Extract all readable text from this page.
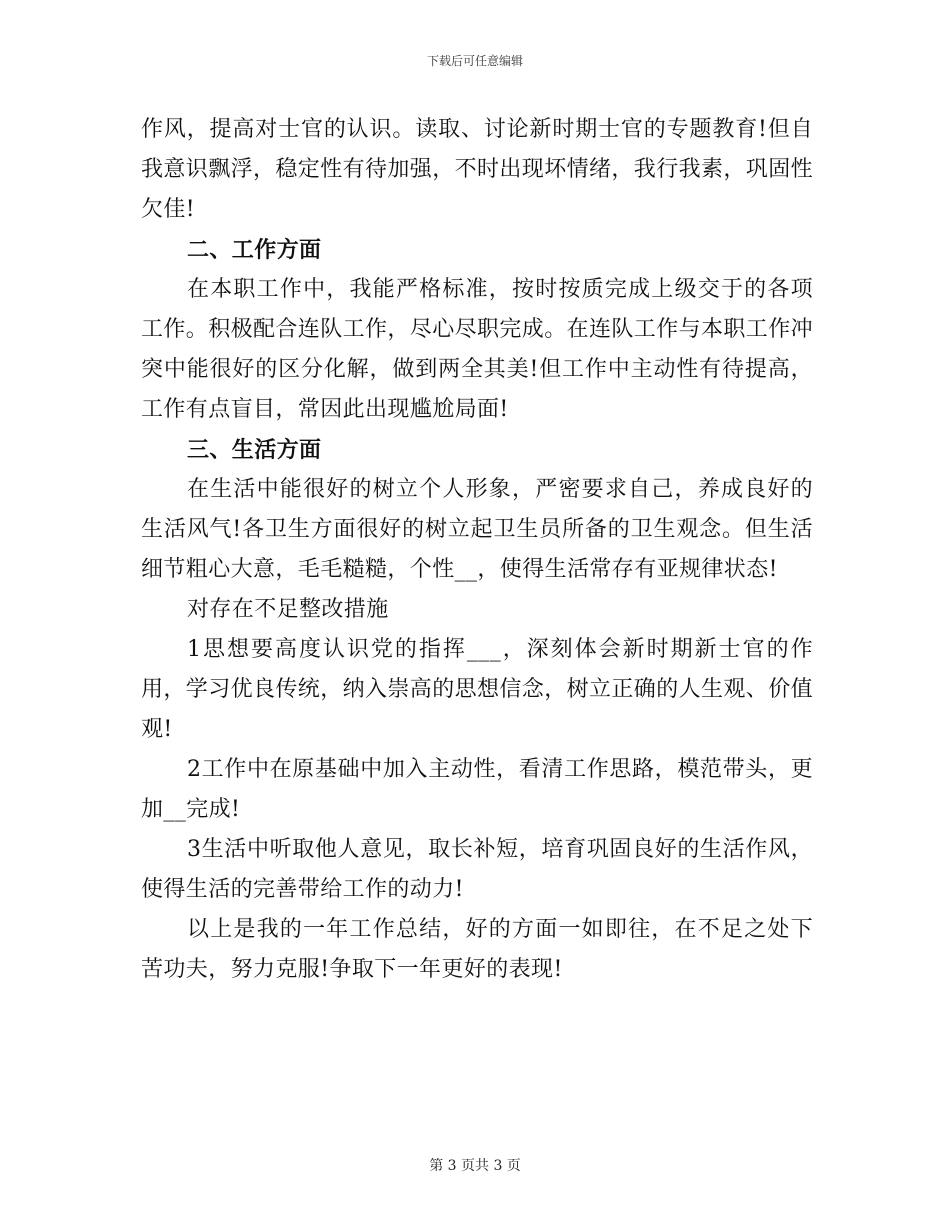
下载后可任意编辑

作风，提高对士官的认识。读取、讨论新时期士官的专题教育!但自我意识飘浮，稳定性有待加强，不时出现坏情绪，我行我素，巩固性欠佳!

二、工作方面

在本职工作中，我能严格标准，按时按质完成上级交于的各项工作。积极配合连队工作，尽心尽职完成。在连队工作与本职工作冲突中能很好的区分化解，做到两全其美!但工作中主动性有待提高，工作有点盲目，常因此出现尴尬局面!

三、生活方面

在生活中能很好的树立个人形象，严密要求自己，养成良好的生活风气!各卫生方面很好的树立起卫生员所备的卫生观念。但生活细节粗心大意，毛毛糙糙，个性__，使得生活常存有亚规律状态!

对存在不足整改措施

1思想要高度认识党的指挥___，深刻体会新时期新士官的作用，学习优良传统，纳入崇高的思想信念，树立正确的人生观、价值观!

2工作中在原基础中加入主动性，看清工作思路，模范带头，更加__完成!

3生活中听取他人意见，取长补短，培育巩固良好的生活作风，使得生活的完善带给工作的动力!

以上是我的一年工作总结，好的方面一如即往，在不足之处下苦功夫，努力克服!争取下一年更好的表现!

第 3 页共 3 页
